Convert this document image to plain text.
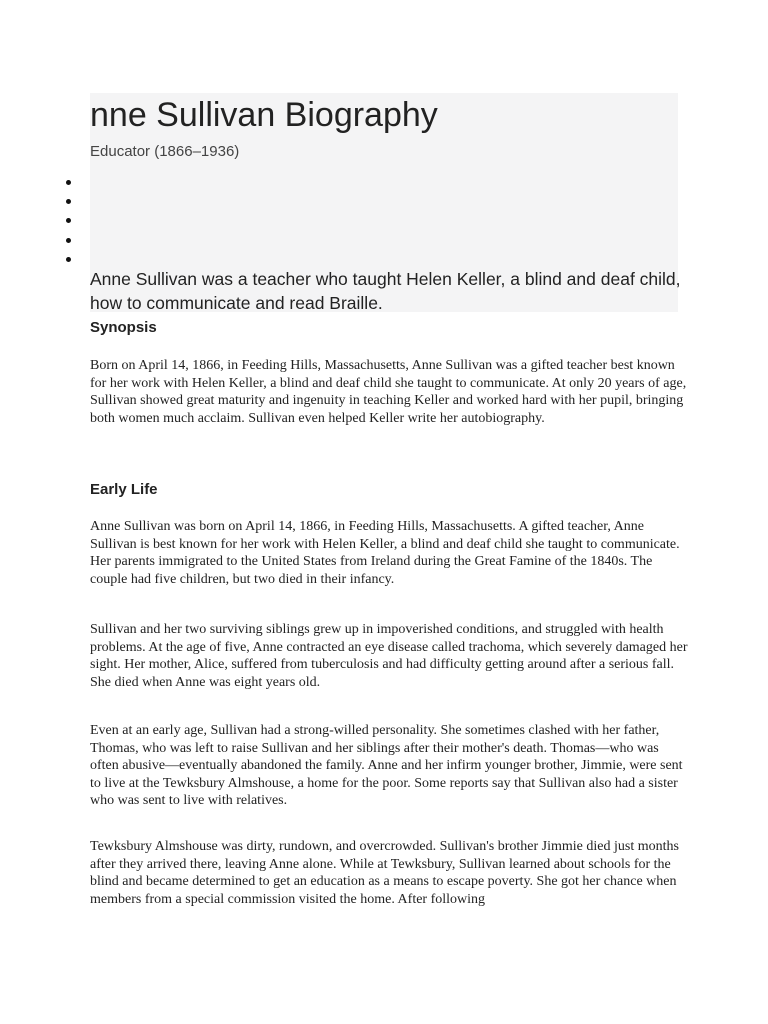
nne Sullivan Biography
Educator (1866–1936)
Anne Sullivan was a teacher who taught Helen Keller, a blind and deaf child, how to communicate and read Braille.
Synopsis

Born on April 14, 1866, in Feeding Hills, Massachusetts, Anne Sullivan was a gifted teacher best known for her work with Helen Keller, a blind and deaf child she taught to communicate. At only 20 years of age, Sullivan showed great maturity and ingenuity in teaching Keller and worked hard with her pupil, bringing both women much acclaim. Sullivan even helped Keller write her autobiography.

Early Life

Anne Sullivan was born on April 14, 1866, in Feeding Hills, Massachusetts. A gifted teacher, Anne Sullivan is best known for her work with Helen Keller, a blind and deaf child she taught to communicate. Her parents immigrated to the United States from Ireland during the Great Famine of the 1840s. The couple had five children, but two died in their infancy.

Sullivan and her two surviving siblings grew up in impoverished conditions, and struggled with health problems. At the age of five, Anne contracted an eye disease called trachoma, which severely damaged her sight. Her mother, Alice, suffered from tuberculosis and had difficulty getting around after a serious fall. She died when Anne was eight years old.

Even at an early age, Sullivan had a strong-willed personality. She sometimes clashed with her father, Thomas, who was left to raise Sullivan and her siblings after their mother's death. Thomas—who was often abusive—eventually abandoned the family. Anne and her infirm younger brother, Jimmie, were sent to live at the Tewksbury Almshouse, a home for the poor. Some reports say that Sullivan also had a sister who was sent to live with relatives.

Tewksbury Almshouse was dirty, rundown, and overcrowded. Sullivan's brother Jimmie died just months after they arrived there, leaving Anne alone. While at Tewksbury, Sullivan learned about schools for the blind and became determined to get an education as a means to escape poverty. She got her chance when members from a special commission visited the home. After following
